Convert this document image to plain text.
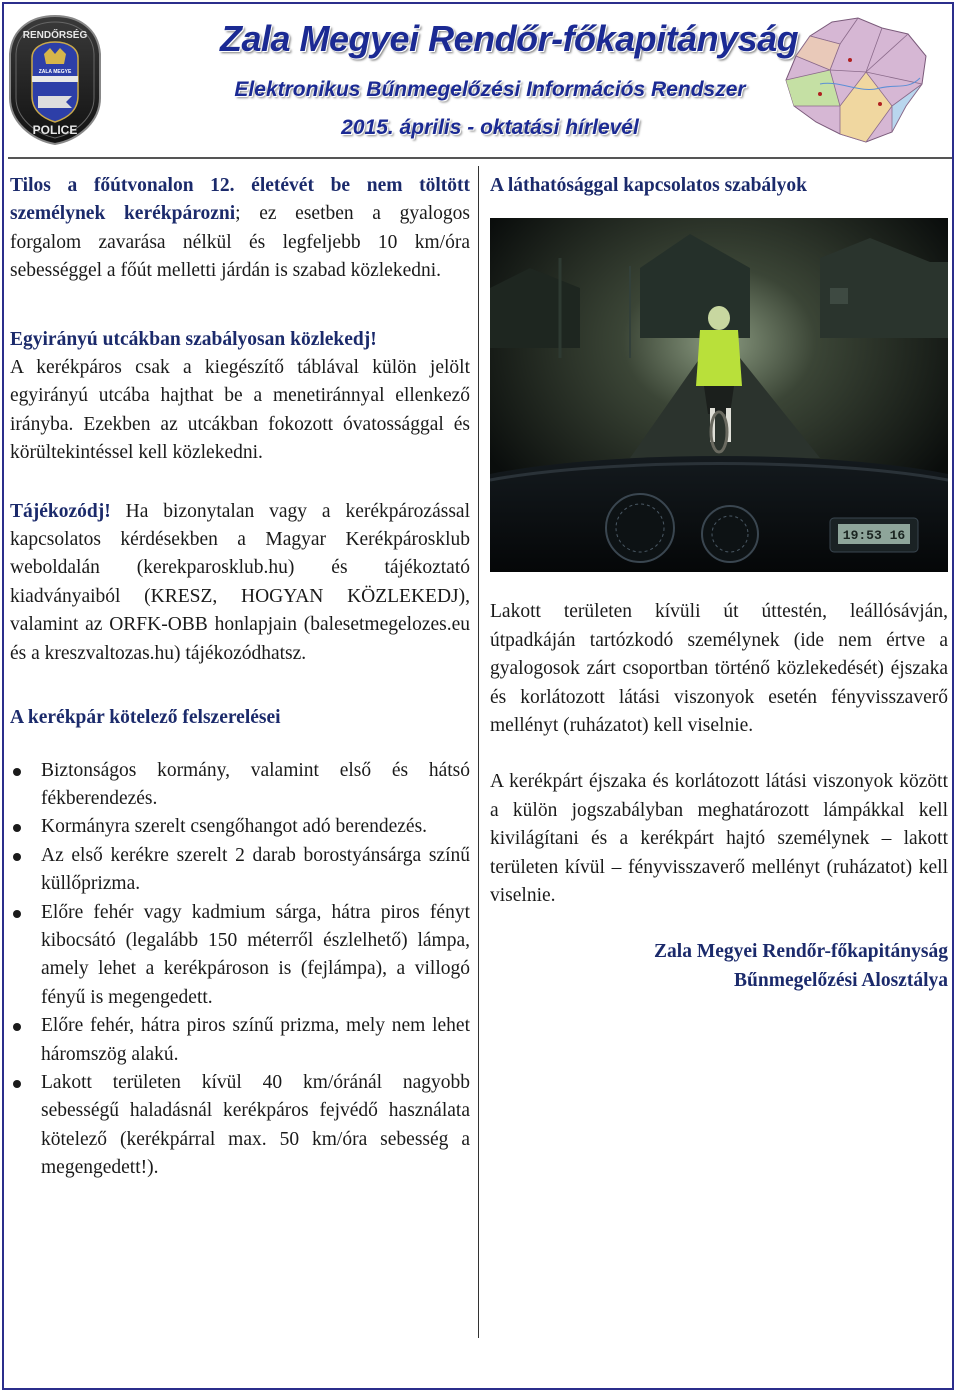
RENDŐRSÉG
ZALA MEGYE
POLICE
Zala Megyei Rendőr-főkapitányság
Elektronikus Bűnmegelőzési Információs Rendszer
2015. április - oktatási hírlevél

Tilos a főútvonalon 12. életévét be nem töltött személynek kerékpározni; ez esetben a gyalogos forgalom zavarása nélkül és legfeljebb 10 km/óra sebességgel a főút melletti járdán is szabad közlekedni.

Egyirányú utcákban szabályosan közlekedj!

A kerékpáros csak a kiegészítő táblával külön jelölt egyirányú utcába hajthat be a menetiránnyal ellenkező irányba. Ezekben az utcákban fokozott óvatossággal és körültekintéssel kell közlekedni.

Tájékozódj! Ha bizonytalan vagy a kerékpározással kapcsolatos kérdésekben a Magyar Kerékpárosklub weboldalán (kerekparosklub.hu) és tájékoztató kiadványaiból (KRESZ, HOGYAN KÖZLEKEDJ), valamint az ORFK-OBB honlapjain (balesetmegelozes.eu és a kreszvaltozas.hu) tájékozódhatsz.

A kerékpár kötelező felszerelései

Biztonságos kormány, valamint első és hátsó fékberendezés.
Kormányra szerelt csengőhangot adó berendezés.
Az első kerékre szerelt 2 darab borostyánsárga színű küllőprizma.
Előre fehér vagy kadmium sárga, hátra piros fényt kibocsátó (legalább 150 méterről észlelhető) lámpa, amely lehet a kerékpároson is (fejlámpa), a villogó fényű is megengedett.
Előre fehér, hátra piros színű prizma, mely nem lehet háromszög alakú.
Lakott területen kívül 40 km/óránál nagyobb sebességű haladásnál kerékpáros fejvédő használata kötelező (kerékpárral max. 50 km/óra sebesség a megengedett!).

A láthatósággal kapcsolatos szabályok

19:53 16

Lakott területen kívüli út úttestén, leállósávján, útpadkáján tartózkodó személynek (ide nem értve a gyalogosok zárt csoportban történő közlekedését) éjszaka és korlátozott látási viszonyok esetén fényvisszaverő mellényt (ruházatot) kell viselnie.

A kerékpárt éjszaka és korlátozott látási viszonyok között a külön jogszabályban meghatározott lámpákkal kell kivilágítani és a kerékpárt hajtó személynek – lakott területen kívül – fényvisszaverő mellényt (ruházatot) kell viselnie.

Zala Megyei Rendőr-főkapitányság

Bűnmegelőzési Alosztálya
